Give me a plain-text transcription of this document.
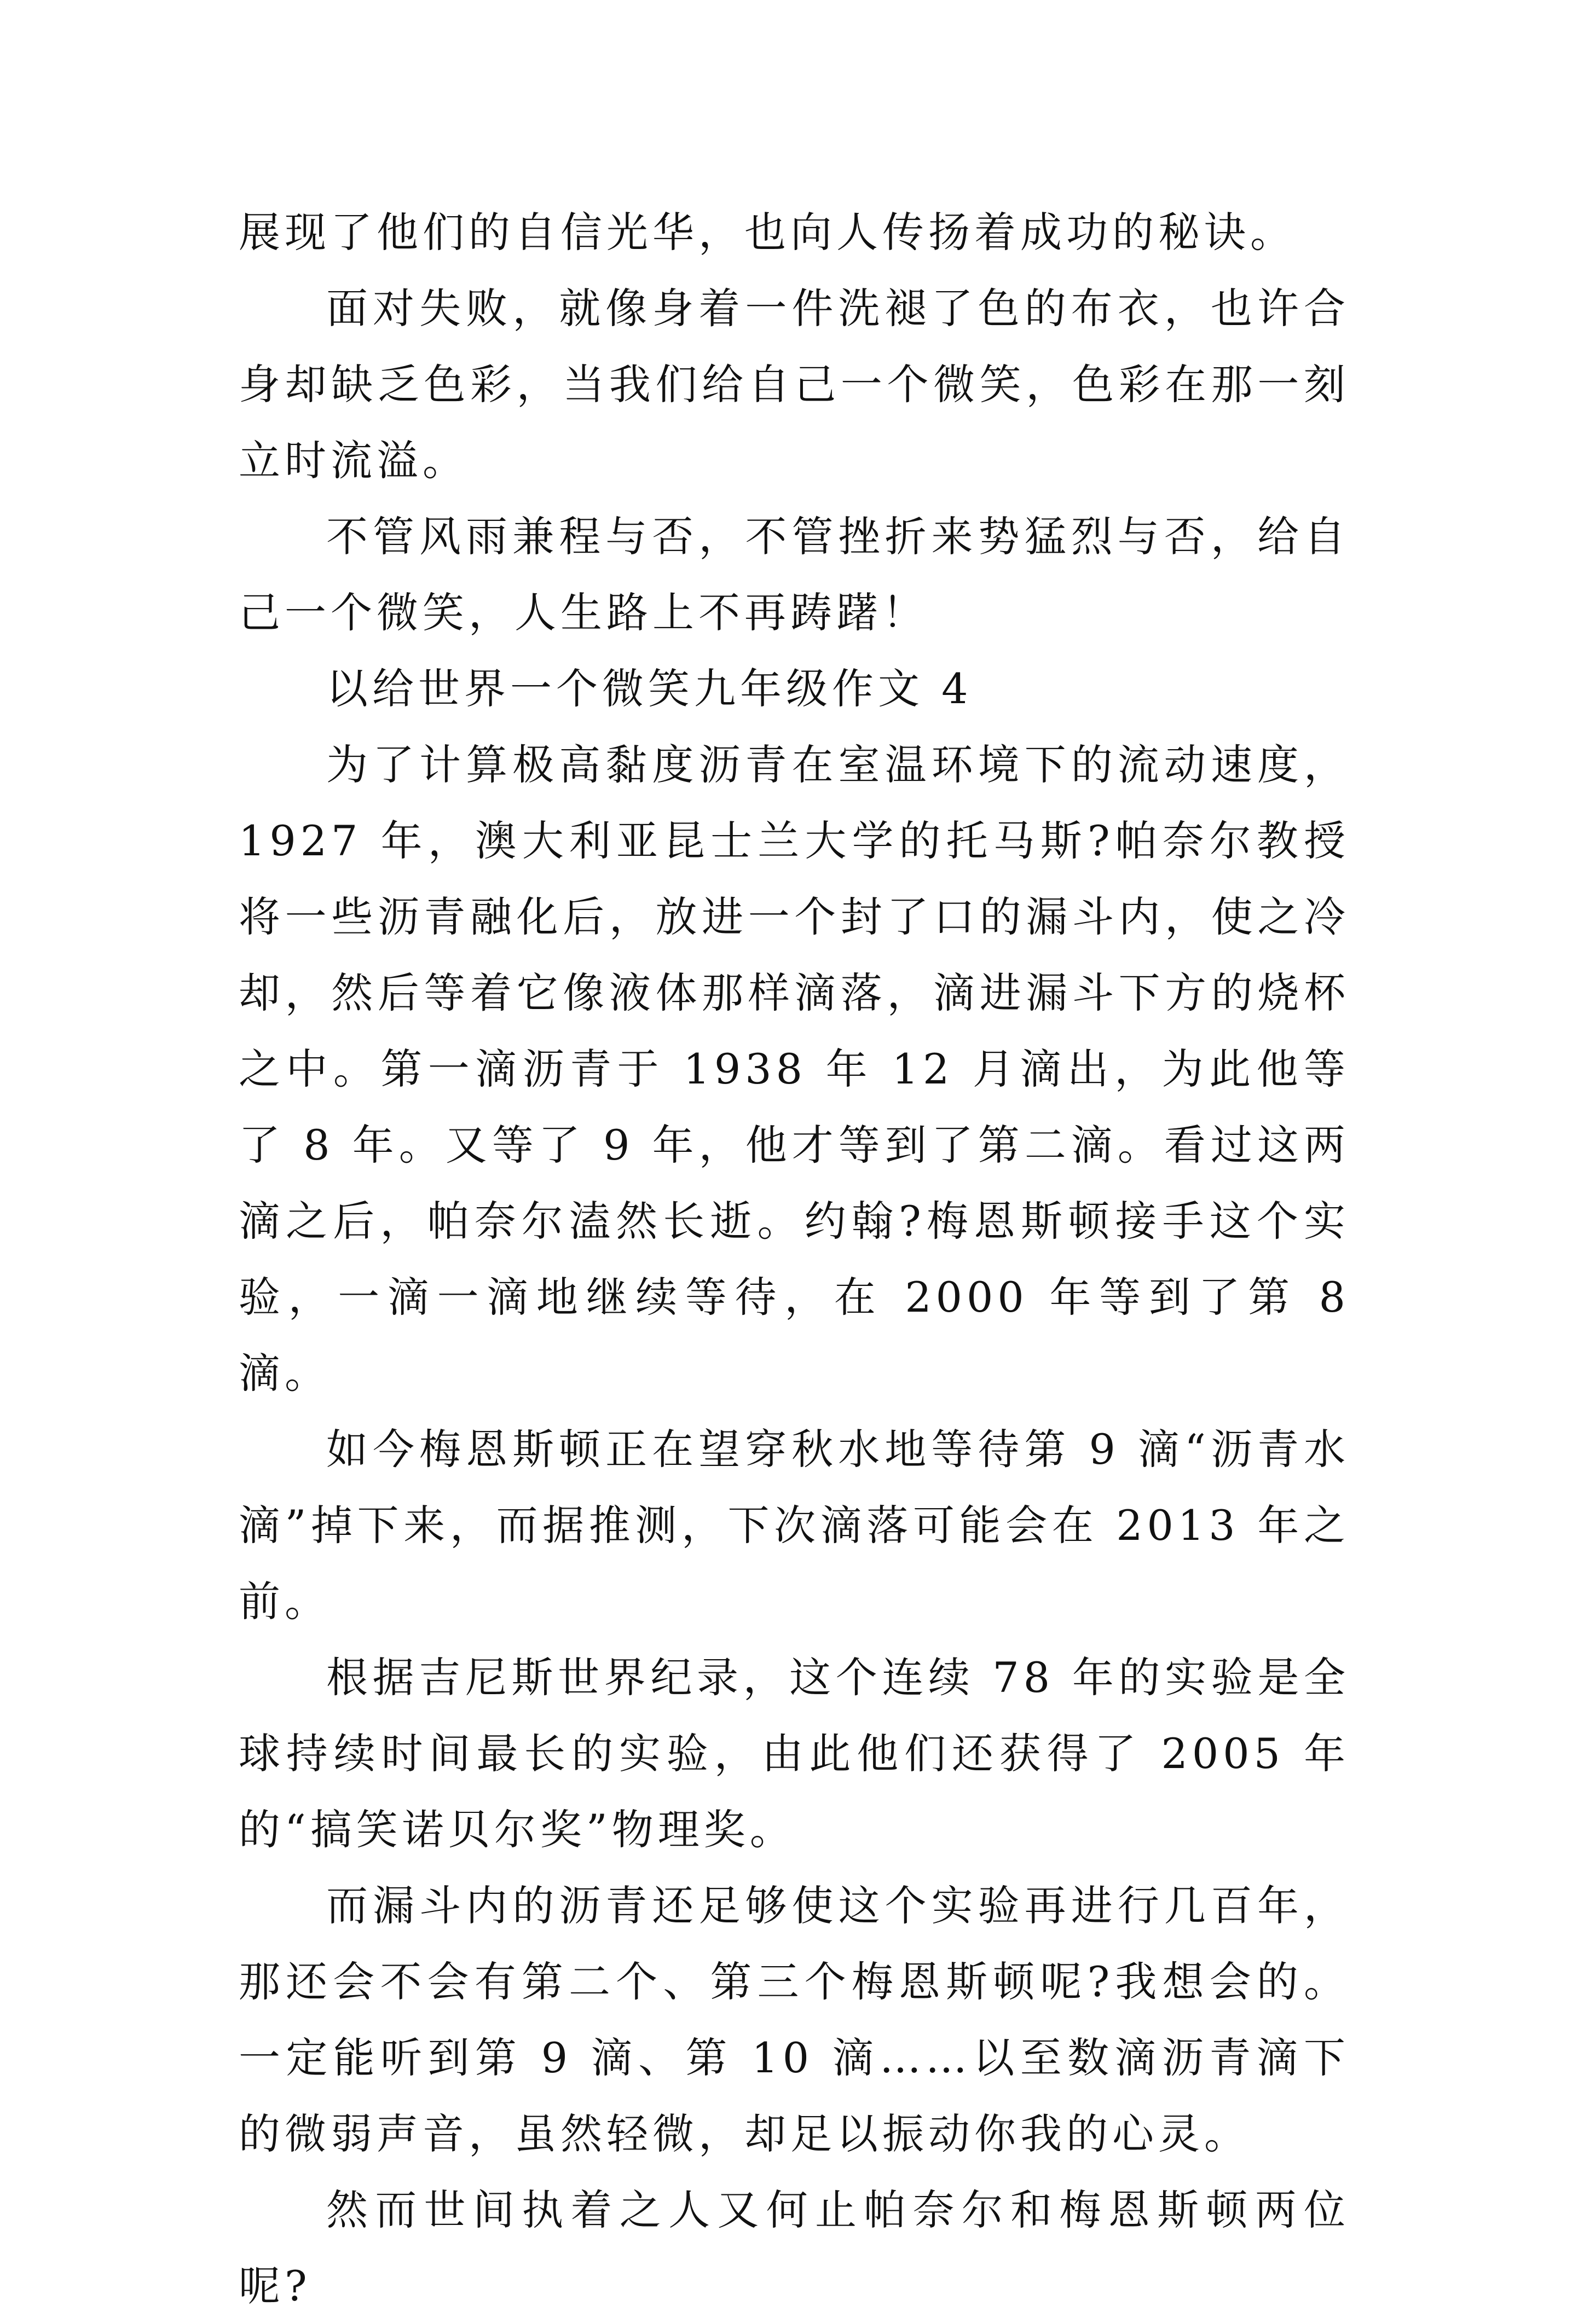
展现了他们的自信光华，也向人传扬着成功的秘诀。

面对失败，就像身着一件洗褪了色的布衣，也许合身却缺乏色彩，当我们给自己一个微笑，色彩在那一刻立时流溢。

不管风雨兼程与否，不管挫折来势猛烈与否，给自己一个微笑，人生路上不再踌躇！

以给世界一个微笑九年级作文 4

为了计算极高黏度沥青在室温环境下的流动速度，1927 年，澳大利亚昆士兰大学的托马斯?帕奈尔教授将一些沥青融化后，放进一个封了口的漏斗内，使之冷却，然后等着它像液体那样滴落，滴进漏斗下方的烧杯之中。第一滴沥青于 1938 年 12 月滴出，为此他等了 8 年。又等了 9 年，他才等到了第二滴。看过这两滴之后，帕奈尔溘然长逝。约翰?梅恩斯顿接手这个实验，一滴一滴地继续等待，在 2000 年等到了第 8 滴。

如今梅恩斯顿正在望穿秋水地等待第 9 滴“沥青水滴”掉下来，而据推测，下次滴落可能会在 2013 年之前。

根据吉尼斯世界纪录，这个连续 78 年的实验是全球持续时间最长的实验，由此他们还获得了 2005 年的“搞笑诺贝尔奖”物理奖。

而漏斗内的沥青还足够使这个实验再进行几百年，那还会不会有第二个、第三个梅恩斯顿呢?我想会的。一定能听到第 9 滴、第 10 滴……以至数滴沥青滴下的微弱声音，虽然轻微，却足以振动你我的心灵。

然而世间执着之人又何止帕奈尔和梅恩斯顿两位呢?
